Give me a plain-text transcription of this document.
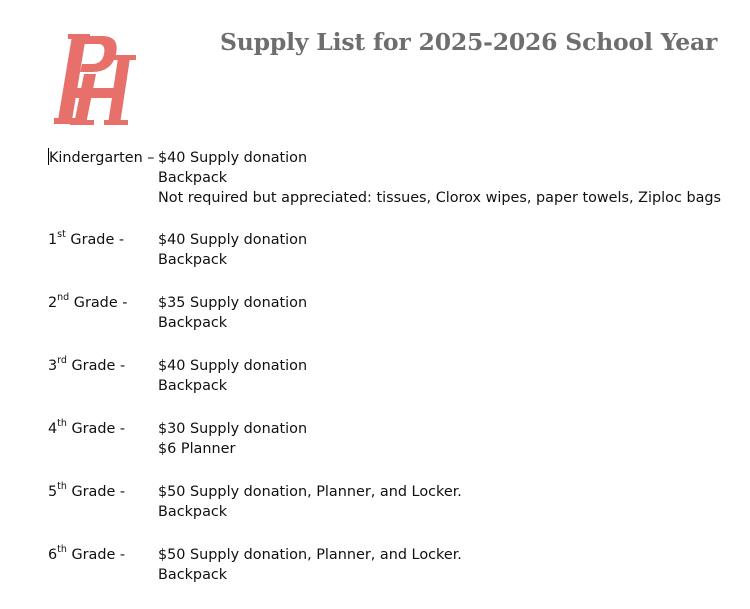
Supply List for 2025-2026 School Year
Kindergarten – $40 Supply donation
Backpack
Not required but appreciated: tissues, Clorox wipes, paper towels, Ziploc bags
1st Grade -	$40 Supply donation
Backpack
2nd Grade -	$35 Supply donation
Backpack
3rd Grade -	$40 Supply donation
Backpack
4th Grade -	$30 Supply donation
$6 Planner
5th Grade -	$50 Supply donation, Planner, and Locker.
Backpack
6th Grade -	$50 Supply donation, Planner, and Locker.
Backpack
